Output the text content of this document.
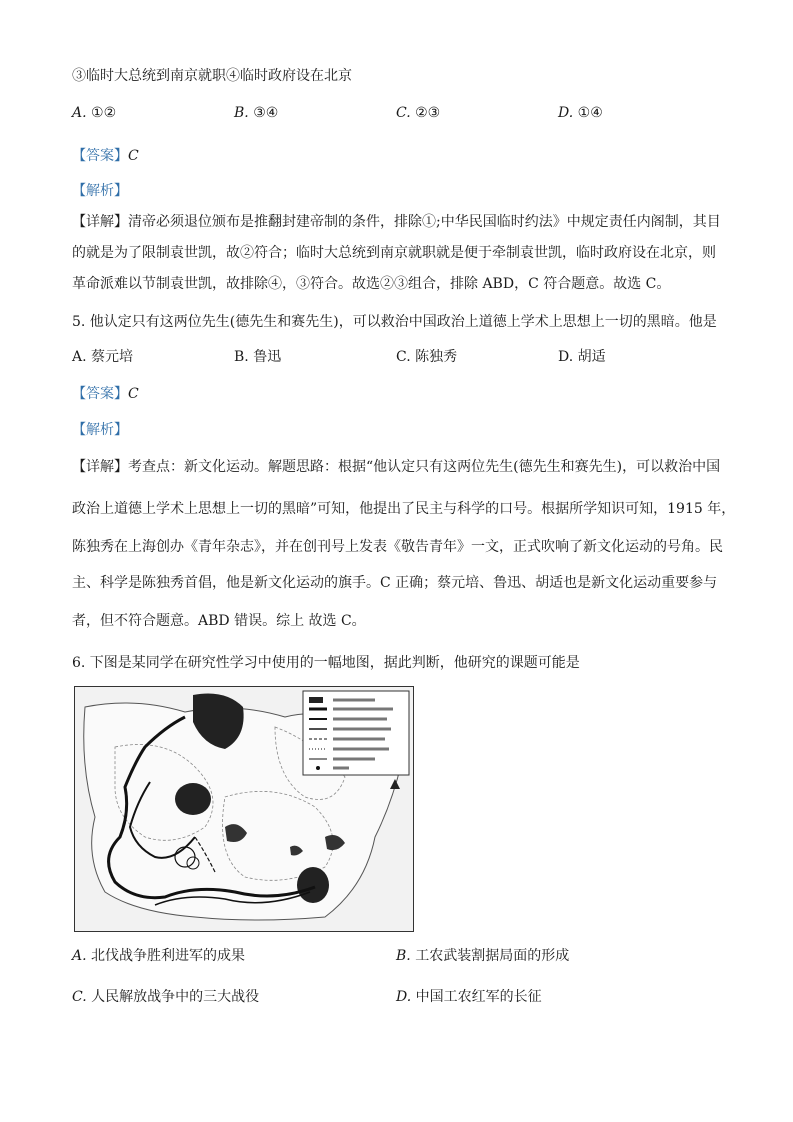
③临时大总统到南京就职④临时政府设在北京
A. ①②	B. ③④	C. ②③	D. ①④
【答案】C
【解析】
【详解】清帝必须退位颁布是推翻封建帝制的条件，排除①;中华民国临时约法》中规定责任内阁制，其目
的就是为了限制袁世凯，故②符合；临时大总统到南京就职就是便于牵制袁世凯，临时政府设在北京，则
革命派难以节制袁世凯，故排除④，③符合。故选②③组合，排除 ABD，C 符合题意。故选 C。
5. 他认定只有这两位先生(德先生和赛先生)，可以救治中国政治上道德上学术上思想上一切的黑暗。他是
A. 蔡元培	B. 鲁迅	C. 陈独秀	D. 胡适
【答案】C
【解析】
【详解】考查点：新文化运动。解题思路：根据“他认定只有这两位先生(德先生和赛先生)，可以救治中国
政治上道德上学术上思想上一切的黑暗”可知，他提出了民主与科学的口号。根据所学知识可知，1915 年，
陈独秀在上海创办《青年杂志》，并在创刊号上发表《敬告青年》一文，正式吹响了新文化运动的号角。民
主、科学是陈独秀首倡，他是新文化运动的旗手。C 正确；蔡元培、鲁迅、胡适也是新文化运动重要参与
者，但不符合题意。ABD 错误。综上 故选 C。
6. 下图是某同学在研究性学习中使用的一幅地图，据此判断，他研究的课题可能是
A. 北伐战争胜利进军的成果	B. 工农武装割据局面的形成
C. 人民解放战争中的三大战役	D. 中国工农红军的长征
